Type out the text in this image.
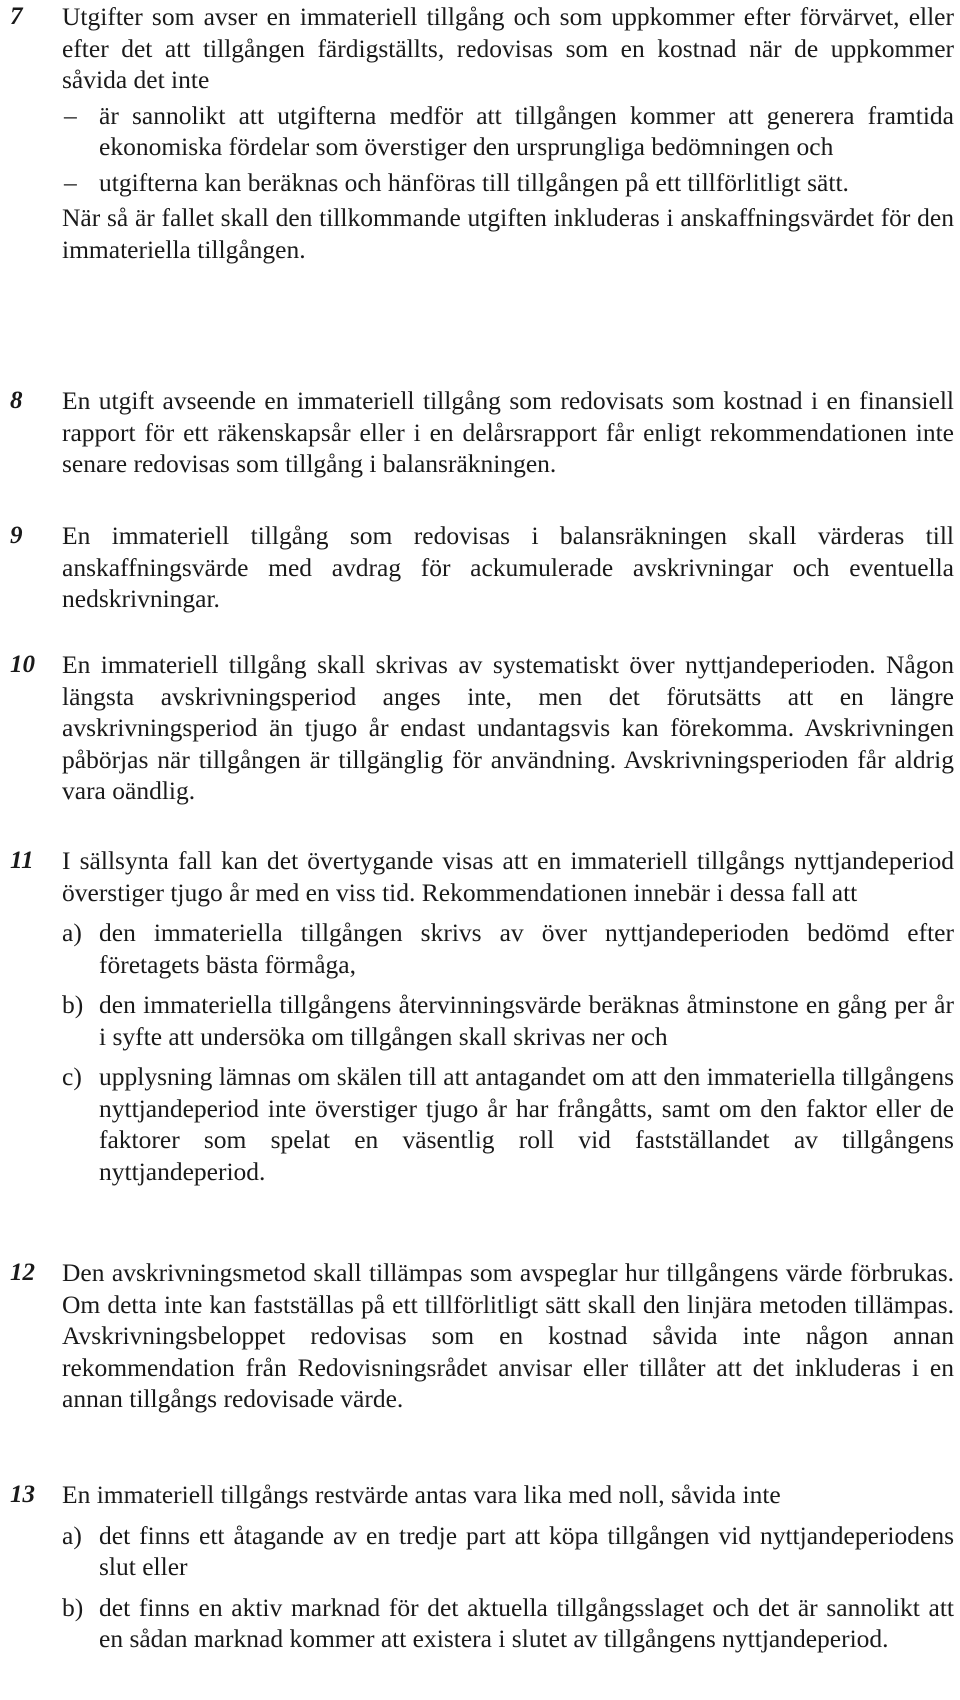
7 Utgifter som avser en immateriell tillgång och som uppkommer efter förvärvet, eller efter det att tillgången färdigställts, redovisas som en kostnad när de uppkommer såvida det inte

– är sannolikt att utgifterna medför att tillgången kommer att generera framtida ekonomiska fördelar som överstiger den ursprungliga bedömningen och
– utgifterna kan beräknas och hänföras till tillgången på ett tillförlitligt sätt.

När så är fallet skall den tillkommande utgiften inkluderas i anskaffningsvärdet för den immateriella tillgången.

8 En utgift avseende en immateriell tillgång som redovisats som kostnad i en finansiell rapport för ett räkenskapsår eller i en delårsrapport får enligt rekommendationen inte senare redovisas som tillgång i balansräkningen.

9 En immateriell tillgång som redovisas i balansräkningen skall värderas till anskaffningsvärde med avdrag för ackumulerade avskrivningar och eventuella nedskrivningar.

10 En immateriell tillgång skall skrivas av systematiskt över nyttjandeperioden. Någon längsta avskrivningsperiod anges inte, men det förutsätts att en längre avskrivningsperiod än tjugo år endast undantagsvis kan förekomma. Avskrivningen påbörjas när tillgången är tillgänglig för användning. Avskrivningsperioden får aldrig vara oändlig.

11 I sällsynta fall kan det övertygande visas att en immateriell tillgångs nyttjandeperiod överstiger tjugo år med en viss tid. Rekommendationen innebär i dessa fall att

a) den immateriella tillgången skrivs av över nyttjandeperioden bedömd efter företagets bästa förmåga,
b) den immateriella tillgångens återvinningsvärde beräknas åtminstone en gång per år i syfte att undersöka om tillgången skall skrivas ner och
c) upplysning lämnas om skälen till att antagandet om att den immateriella tillgångens nyttjandeperiod inte överstiger tjugo år har frångåtts, samt om den faktor eller de faktorer som spelat en väsentlig roll vid fastställandet av tillgångens nyttjandeperiod.
12 Den avskrivningsmetod skall tillämpas som avspeglar hur tillgångens värde förbrukas. Om detta inte kan fastställas på ett tillförlitligt sätt skall den linjära metoden tillämpas. Avskrivningsbeloppet redovisas som en kostnad såvida inte någon annan rekommendation från Redovisningsrådet anvisar eller tillåter att det inkluderas i en annan tillgångs redovisade värde.

13 En immateriell tillgångs restvärde antas vara lika med noll, såvida inte

a) det finns ett åtagande av en tredje part att köpa tillgången vid nyttjandeperiodens slut eller
b) det finns en aktiv marknad för det aktuella tillgångsslaget och det är sannolikt att en sådan marknad kommer att existera i slutet av tillgångens nyttjandeperiod.
